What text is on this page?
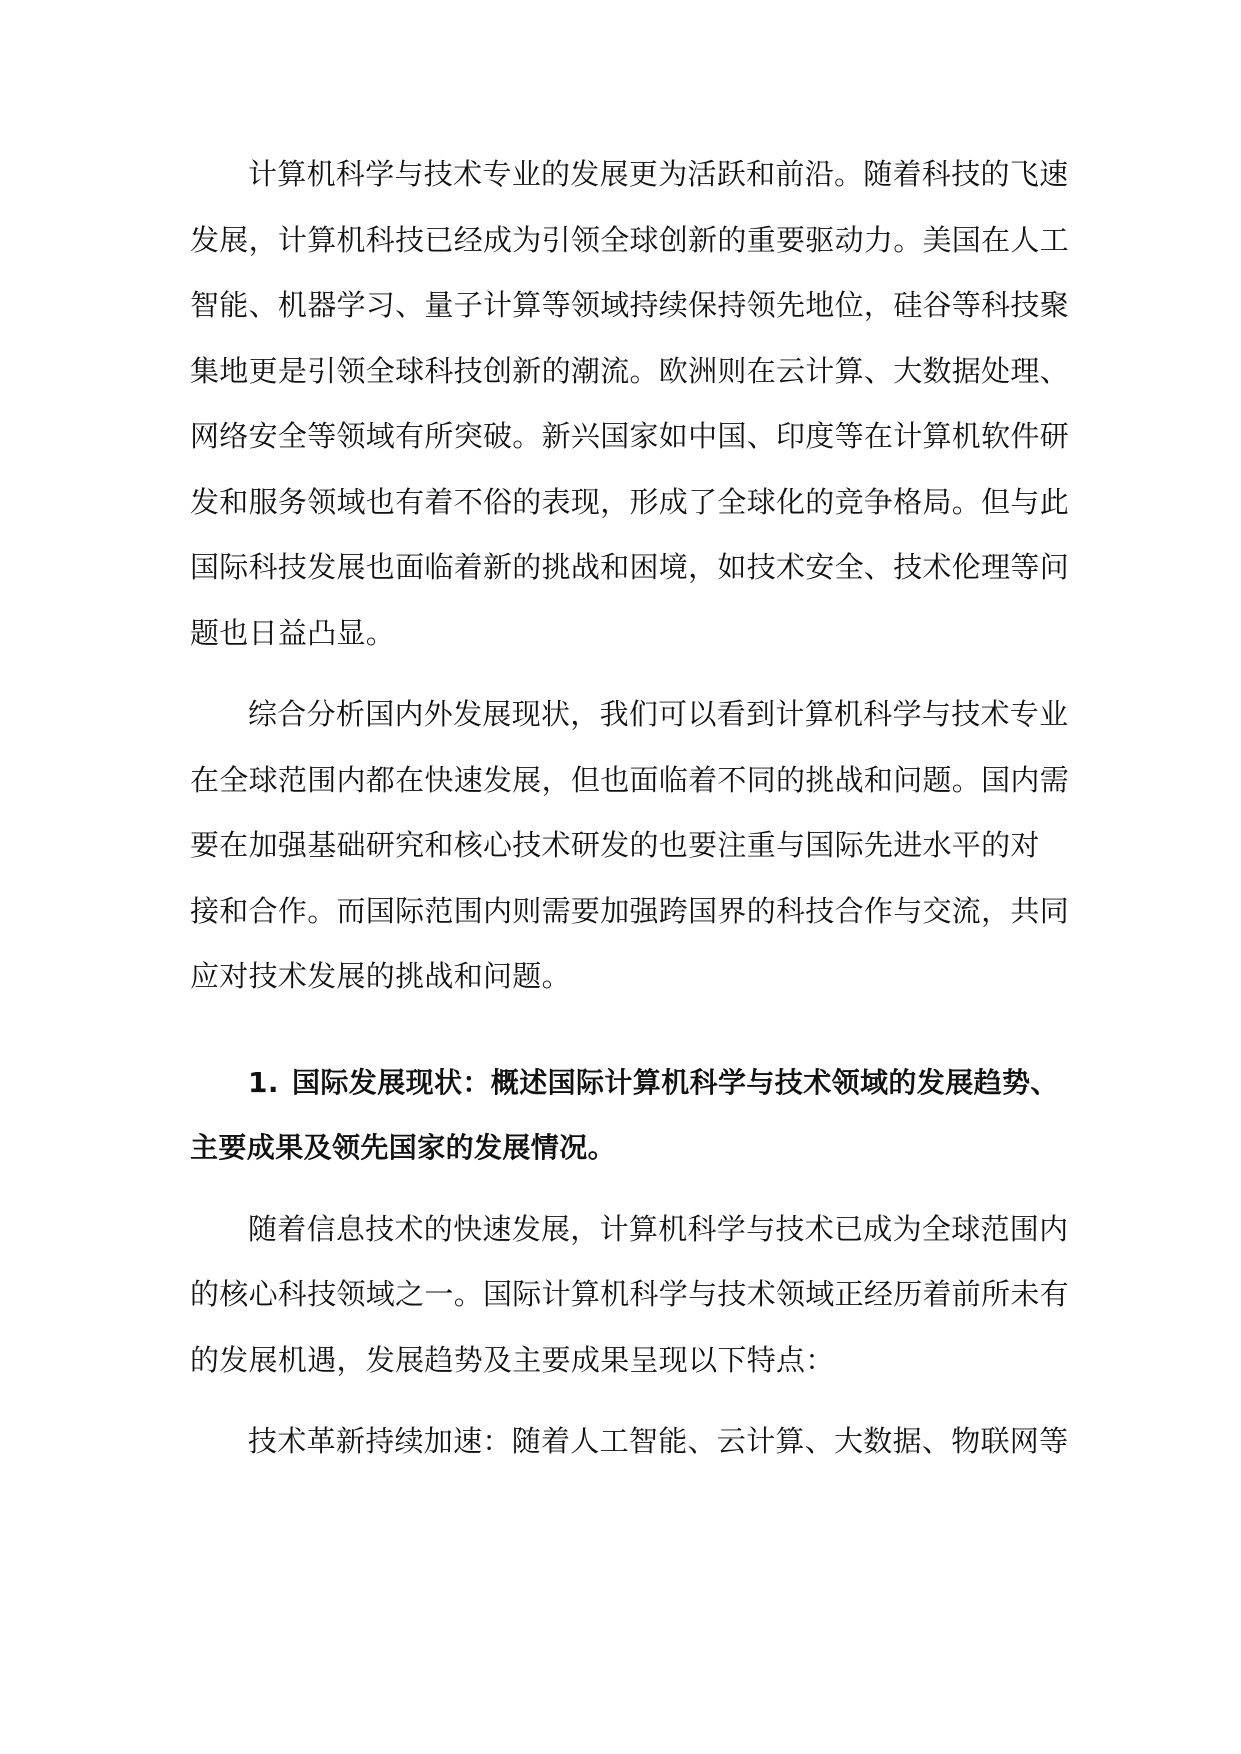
计算机科学与技术专业的发展更为活跃和前沿。随着科技的飞速
发展，计算机科技已经成为引领全球创新的重要驱动力。美国在人工
智能、机器学习、量子计算等领域持续保持领先地位，硅谷等科技聚
集地更是引领全球科技创新的潮流。欧洲则在云计算、大数据处理、
网络安全等领域有所突破。新兴国家如中国、印度等在计算机软件研
发和服务领域也有着不俗的表现，形成了全球化的竞争格局。但与此
国际科技发展也面临着新的挑战和困境，如技术安全、技术伦理等问
题也日益凸显。
综合分析国内外发展现状，我们可以看到计算机科学与技术专业
在全球范围内都在快速发展，但也面临着不同的挑战和问题。国内需
要在加强基础研究和核心技术研发的也要注重与国际先进水平的对
接和合作。而国际范围内则需要加强跨国界的科技合作与交流，共同
应对技术发展的挑战和问题。
1. 国际发展现状：概述国际计算机科学与技术领域的发展趋势、
主要成果及领先国家的发展情况。
随着信息技术的快速发展，计算机科学与技术已成为全球范围内
的核心科技领域之一。国际计算机科学与技术领域正经历着前所未有
的发展机遇，发展趋势及主要成果呈现以下特点：
技术革新持续加速：随着人工智能、云计算、大数据、物联网等
